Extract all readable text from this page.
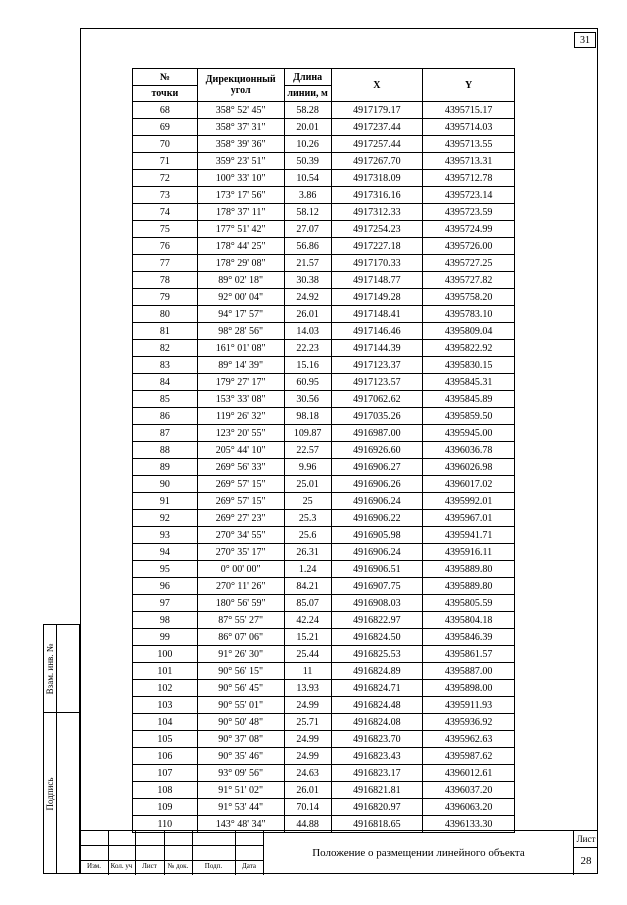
31
№	Дирекционный угол	Длина	X	Y
точки		линии, м		
68	358° 52' 45"	58.28	4917179.17	4395715.17
69	358° 37' 31"	20.01	4917237.44	4395714.03
70	358° 39' 36"	10.26	4917257.44	4395713.55
71	359° 23' 51"	50.39	4917267.70	4395713.31
72	100° 33' 10"	10.54	4917318.09	4395712.78
73	173° 17' 56"	3.86	4917316.16	4395723.14
74	178° 37' 11"	58.12	4917312.33	4395723.59
75	177° 51' 42"	27.07	4917254.23	4395724.99
76	178° 44' 25"	56.86	4917227.18	4395726.00
77	178° 29' 08"	21.57	4917170.33	4395727.25
78	89° 02' 18"	30.38	4917148.77	4395727.82
79	92° 00' 04"	24.92	4917149.28	4395758.20
80	94° 17' 57"	26.01	4917148.41	4395783.10
81	98° 28' 56"	14.03	4917146.46	4395809.04
82	161° 01' 08"	22.23	4917144.39	4395822.92
83	89° 14' 39"	15.16	4917123.37	4395830.15
84	179° 27' 17"	60.95	4917123.57	4395845.31
85	153° 33' 08"	30.56	4917062.62	4395845.89
86	119° 26' 32"	98.18	4917035.26	4395859.50
87	123° 20' 55"	109.87	4916987.00	4395945.00
88	205° 44' 10"	22.57	4916926.60	4396036.78
89	269° 56' 33"	9.96	4916906.27	4396026.98
90	269° 57' 15"	25.01	4916906.26	4396017.02
91	269° 57' 15"	25	4916906.24	4395992.01
92	269° 27' 23"	25.3	4916906.22	4395967.01
93	270° 34' 55"	25.6	4916905.98	4395941.71
94	270° 35' 17"	26.31	4916906.24	4395916.11
95	0° 00' 00"	1.24	4916906.51	4395889.80
96	270° 11' 26"	84.21	4916907.75	4395889.80
97	180° 56' 59"	85.07	4916908.03	4395805.59
98	87° 55' 27"	42.24	4916822.97	4395804.18
99	86° 07' 06"	15.21	4916824.50	4395846.39
100	91° 26' 30"	25.44	4916825.53	4395861.57
101	90° 56' 15"	11	4916824.89	4395887.00
102	90° 56' 45"	13.93	4916824.71	4395898.00
103	90° 55' 01"	24.99	4916824.48	4395911.93
104	90° 50' 48"	25.71	4916824.08	4395936.92
105	90° 37' 08"	24.99	4916823.70	4395962.63
106	90° 35' 46"	24.99	4916823.43	4395987.62
107	93° 09' 56"	24.63	4916823.17	4396012.61
108	91° 51' 02"	26.01	4916821.81	4396037.20
109	91° 53' 44"	70.14	4916820.97	4396063.20
110	143° 48' 34"	44.88	4916818.65	4396133.30
Взам. инв. №
Подпись
Изм.	Кол. уч	Лист	№ док.	Подп.	Дата
Положение о размещении линейного объекта
Лист
28
